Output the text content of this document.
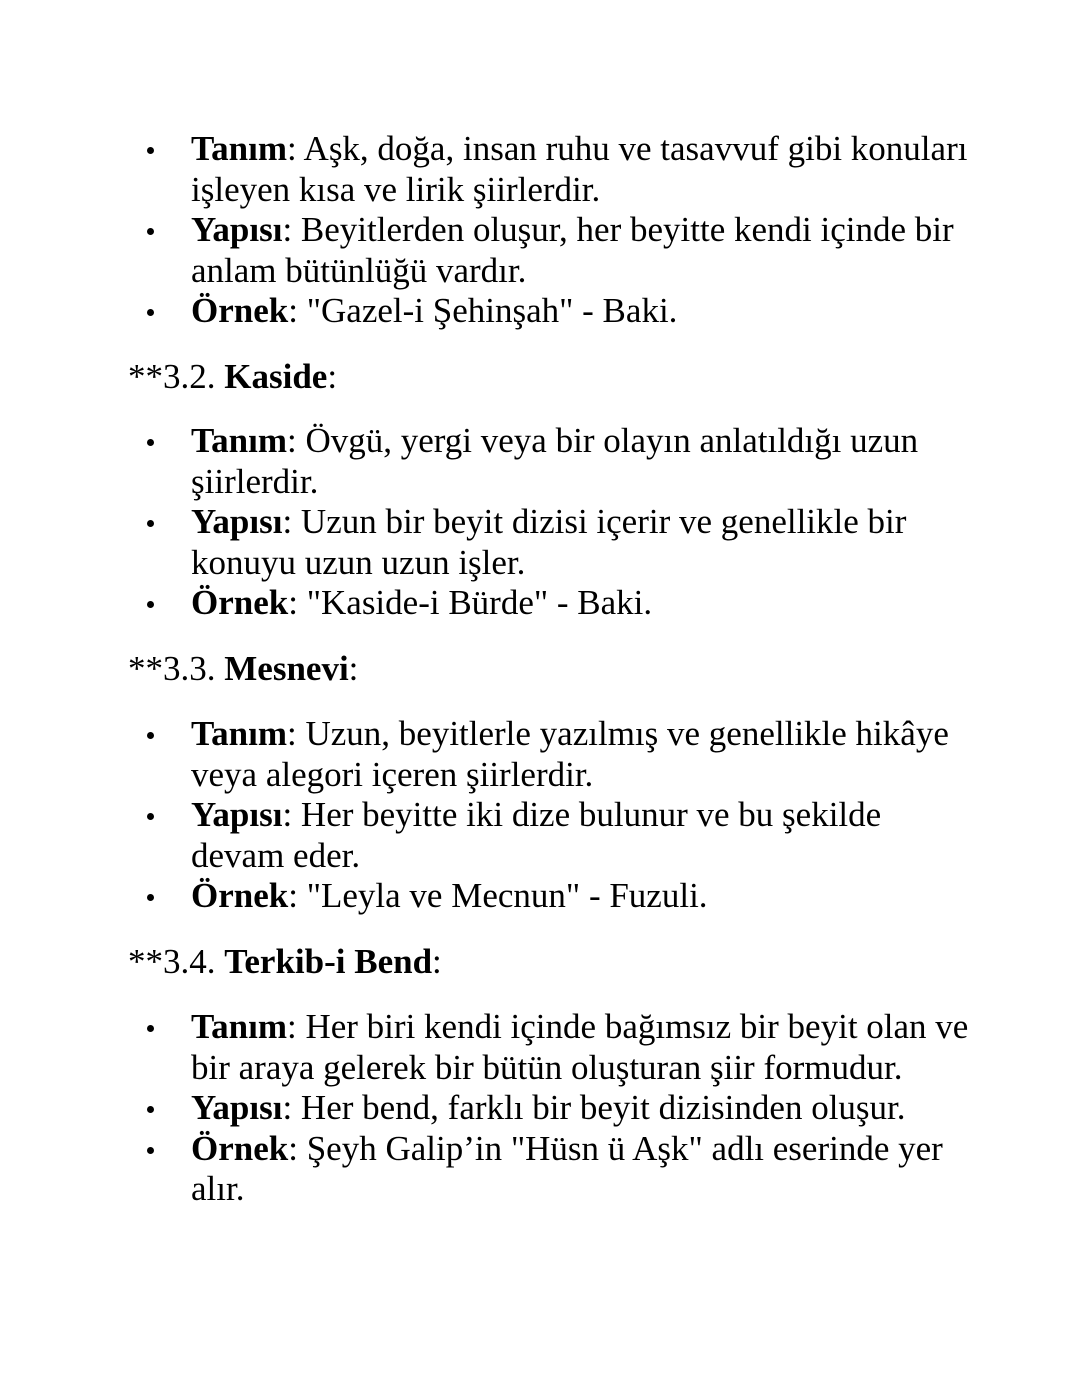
Tanım: Aşk, doğa, insan ruhu ve tasavvuf gibi konuları işleyen kısa ve lirik şiirlerdir.
Yapısı: Beyitlerden oluşur, her beyitte kendi içinde bir anlam bütünlüğü vardır.
Örnek: "Gazel-i Şehinşah" - Baki.

**3.2. Kaside:

Tanım: Övgü, yergi veya bir olayın anlatıldığı uzun şiirlerdir.
Yapısı: Uzun bir beyit dizisi içerir ve genellikle bir konuyu uzun uzun işler.
Örnek: "Kaside-i Bürde" - Baki.

**3.3. Mesnevi:

Tanım: Uzun, beyitlerle yazılmış ve genellikle hikâye veya alegori içeren şiirlerdir.
Yapısı: Her beyitte iki dize bulunur ve bu şekilde devam eder.
Örnek: "Leyla ve Mecnun" - Fuzuli.

**3.4. Terkib-i Bend:

Tanım: Her biri kendi içinde bağımsız bir beyit olan ve bir araya gelerek bir bütün oluşturan şiir formudur.
Yapısı: Her bend, farklı bir beyit dizisinden oluşur.
Örnek: Şeyh Galip’in "Hüsn ü Aşk" adlı eserinde yer alır.
